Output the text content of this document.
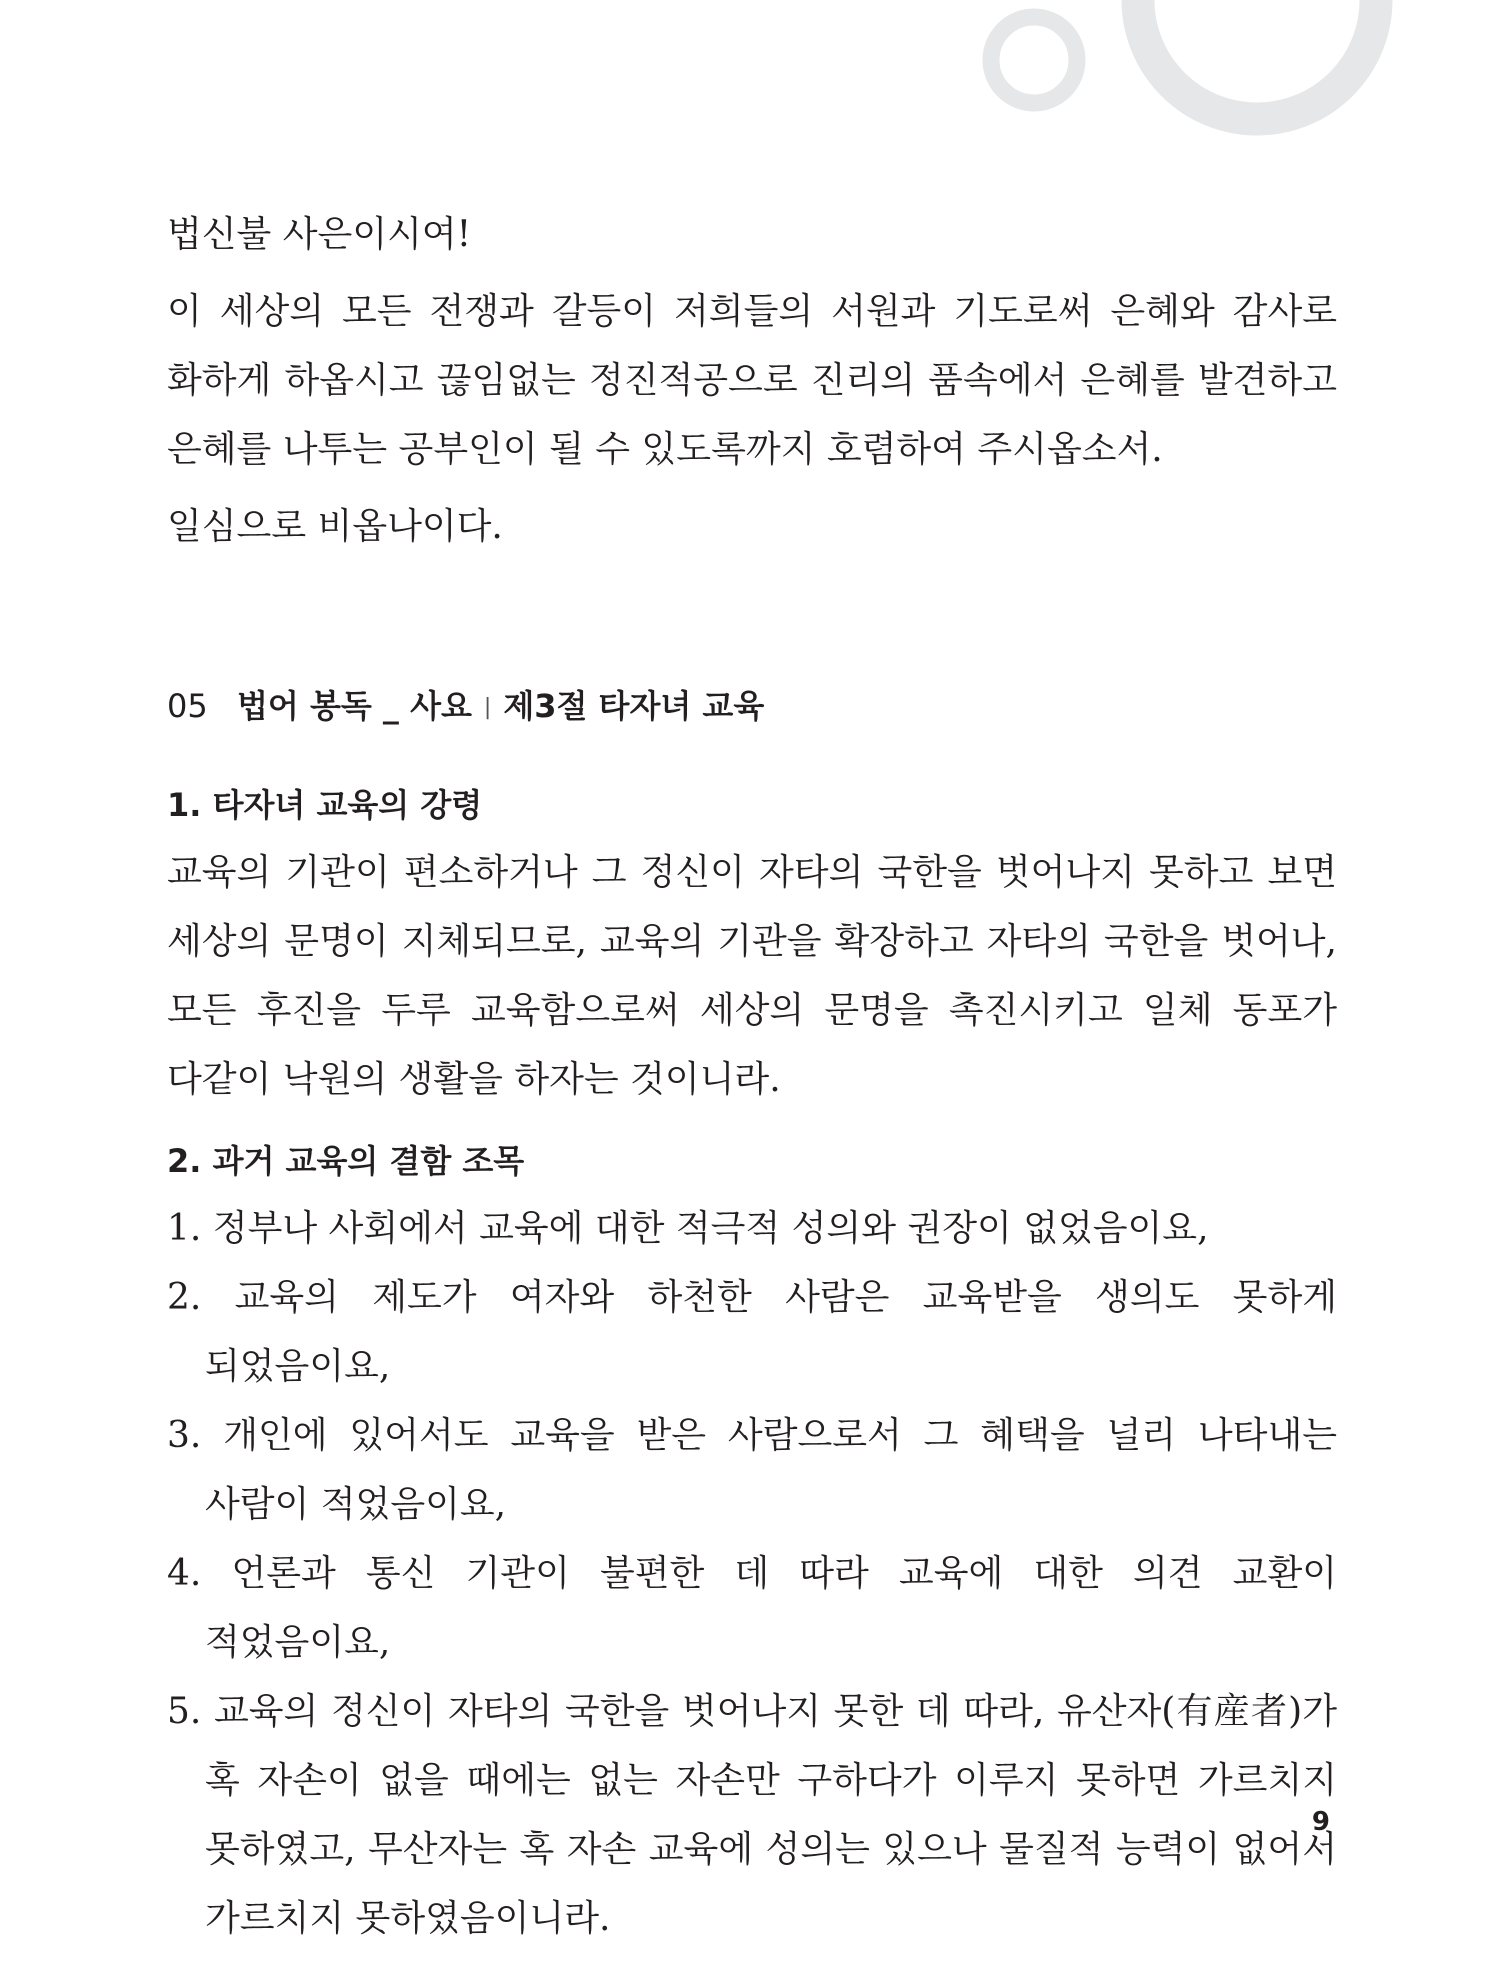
법신불 사은이시여!

이 세상의 모든 전쟁과 갈등이 저희들의 서원과 기도로써 은혜와 감사로 화하게 하옵시고 끊임없는 정진적공으로 진리의 품속에서 은혜를 발견하고 은혜를 나투는 공부인이 될 수 있도록까지 호렴하여 주시옵소서.

일심으로 비옵나이다.

05 법어 봉독 _ 사요 | 제3절 타자녀 교육
1. 타자녀 교육의 강령

교육의 기관이 편소하거나 그 정신이 자타의 국한을 벗어나지 못하고 보면 세상의 문명이 지체되므로, 교육의 기관을 확장하고 자타의 국한을 벗어나, 모든 후진을 두루 교육함으로써 세상의 문명을 촉진시키고 일체 동포가 다같이 낙원의 생활을 하자는 것이니라.

2. 과거 교육의 결함 조목
1. 정부나 사회에서 교육에 대한 적극적 성의와 권장이 없었음이요,
2. 교육의 제도가 여자와 하천한 사람은 교육받을 생의도 못하게 되었음이요,
3. 개인에 있어서도 교육을 받은 사람으로서 그 혜택을 널리 나타내는 사람이 적었음이요,
4. 언론과 통신 기관이 불편한 데 따라 교육에 대한 의견 교환이 적었음이요,
5. 교육의 정신이 자타의 국한을 벗어나지 못한 데 따라, 유산자(有産者)가 혹 자손이 없을 때에는 없는 자손만 구하다가 이루지 못하면 가르치지 못하였고, 무산자는 혹 자손 교육에 성의는 있으나 물질적 능력이 없어서 가르치지 못하였음이니라.
9
